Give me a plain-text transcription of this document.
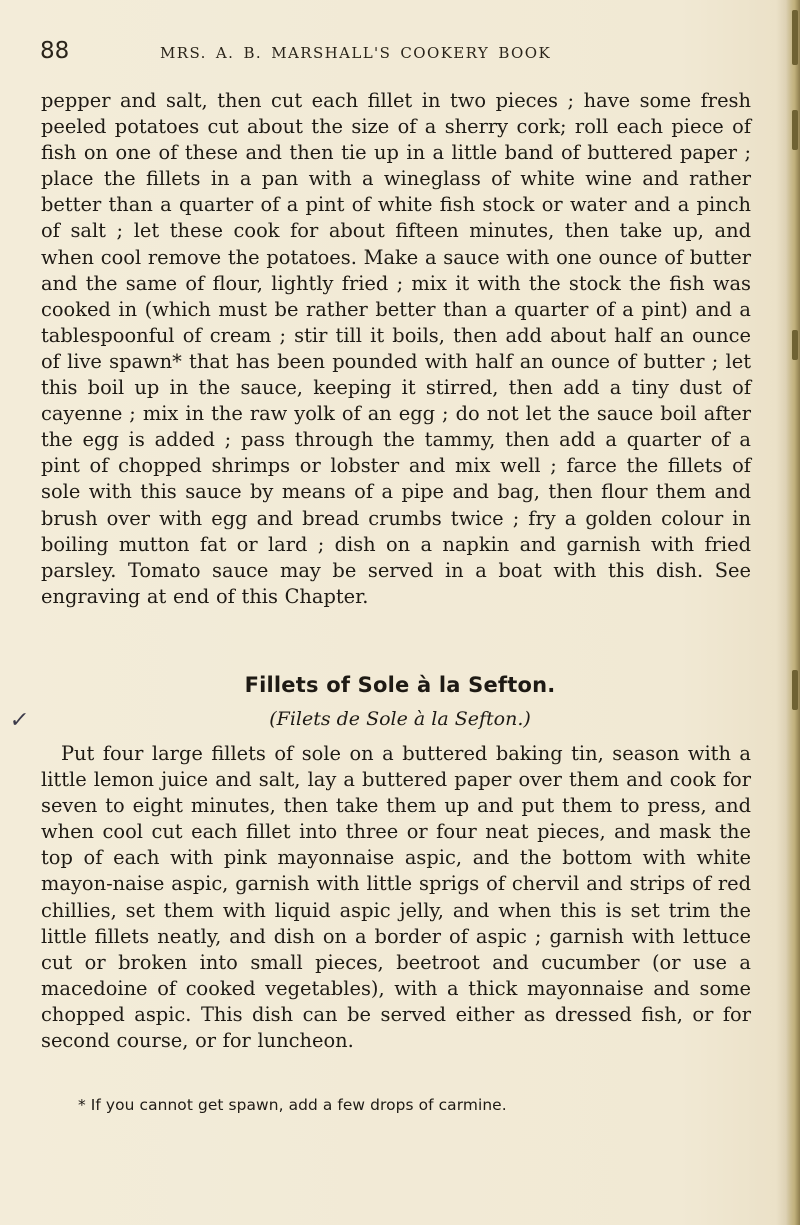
88	MRS. A. B. MARSHALL'S COOKERY BOOK

pepper and salt, then cut each fillet in two pieces ; have some fresh peeled potatoes cut about the size of a sherry cork; roll each piece of fish on one of these and then tie up in a little band of buttered paper ; place the fillets in a pan with a wineglass of white wine and rather better than a quarter of a pint of white fish stock or water and a pinch of salt ; let these cook for about fifteen minutes, then take up, and when cool remove the potatoes. Make a sauce with one ounce of butter and the same of flour, lightly fried ; mix it with the stock the fish was cooked in (which must be rather better than a quarter of a pint) and a tablespoonful of cream ; stir till it boils, then add about half an ounce of live spawn* that has been pounded with half an ounce of butter ; let this boil up in the sauce, keeping it stirred, then add a tiny dust of cayenne ; mix in the raw yolk of an egg ; do not let the sauce boil after the egg is added ; pass through the tammy, then add a quarter of a pint of chopped shrimps or lobster and mix well ; farce the fillets of sole with this sauce by means of a pipe and bag, then flour them and brush over with egg and bread crumbs twice ; fry a golden colour in boiling mutton fat or lard ; dish on a napkin and garnish with fried parsley. Tomato sauce may be served in a boat with this dish. See engraving at end of this Chapter.

✓
Fillets of Sole à la Sefton.
(Filets de Sole à la Sefton.)

Put four large fillets of sole on a buttered baking tin, season with a little lemon juice and salt, lay a buttered paper over them and cook for seven to eight minutes, then take them up and put them to press, and when cool cut each fillet into three or four neat pieces, and mask the top of each with pink mayonnaise aspic, and the bottom with white mayon-naise aspic, garnish with little sprigs of chervil and strips of red chillies, set them with liquid aspic jelly, and when this is set trim the little fillets neatly, and dish on a border of aspic ; garnish with lettuce cut or broken into small pieces, beetroot and cucumber (or use a macedoine of cooked vegetables), with a thick mayonnaise and some chopped aspic. This dish can be served either as dressed fish, or for second course, or for luncheon.

* If you cannot get spawn, add a few drops of carmine.
